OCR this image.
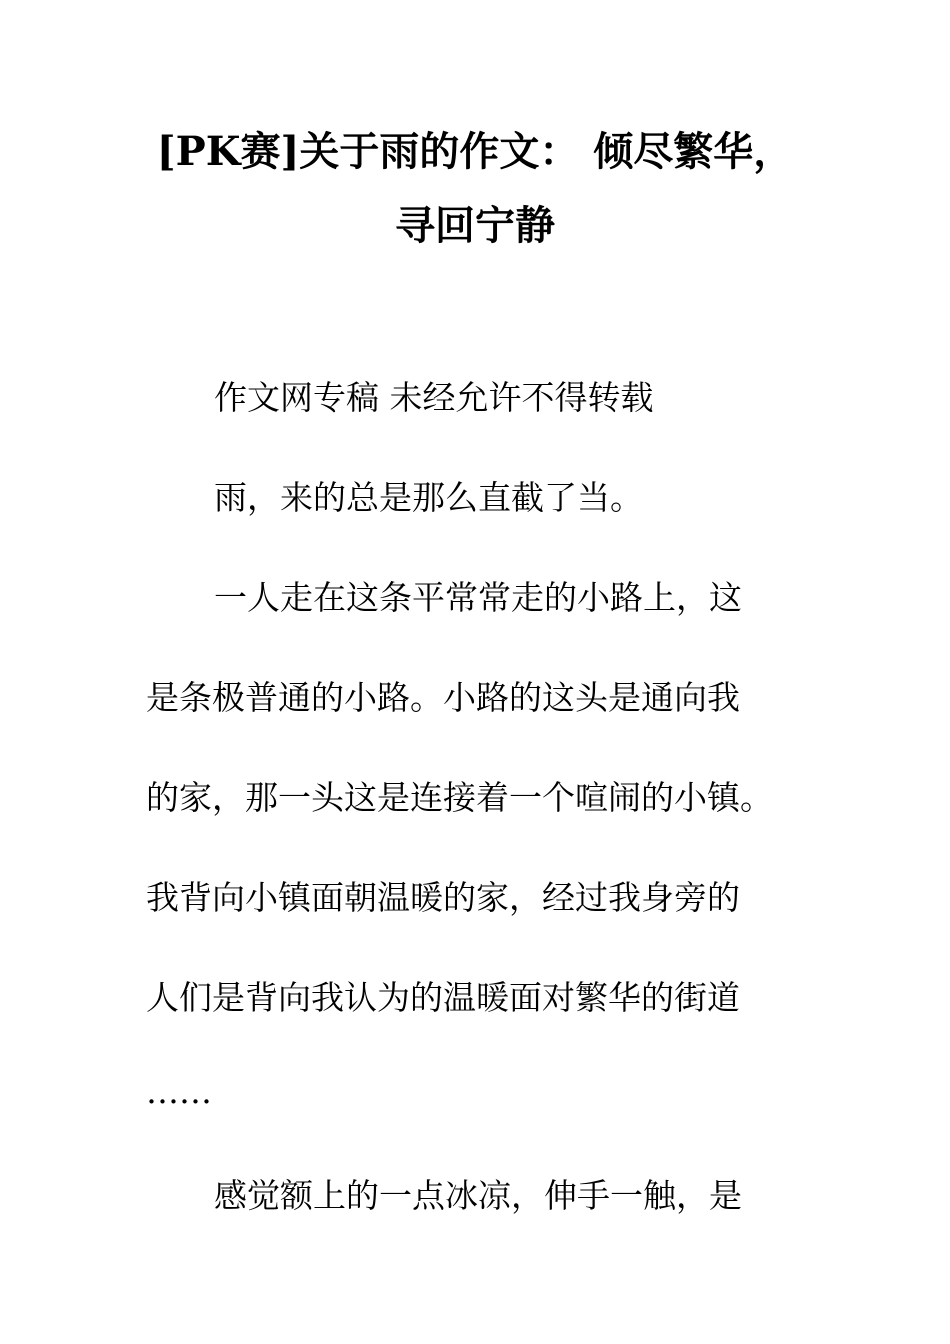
[PK赛]关于雨的作文： 倾尽繁华，
寻回宁静
作文网专稿 未经允许不得转载
雨，来的总是那么直截了当。
一人走在这条平常常走的小路上，这
是条极普通的小路。小路的这头是通向我
的家，那一头这是连接着一个喧闹的小镇。
我背向小镇面朝温暖的家，经过我身旁的
人们是背向我认为的温暖面对繁华的街道
……
感觉额上的一点冰凉，伸手一触，是
